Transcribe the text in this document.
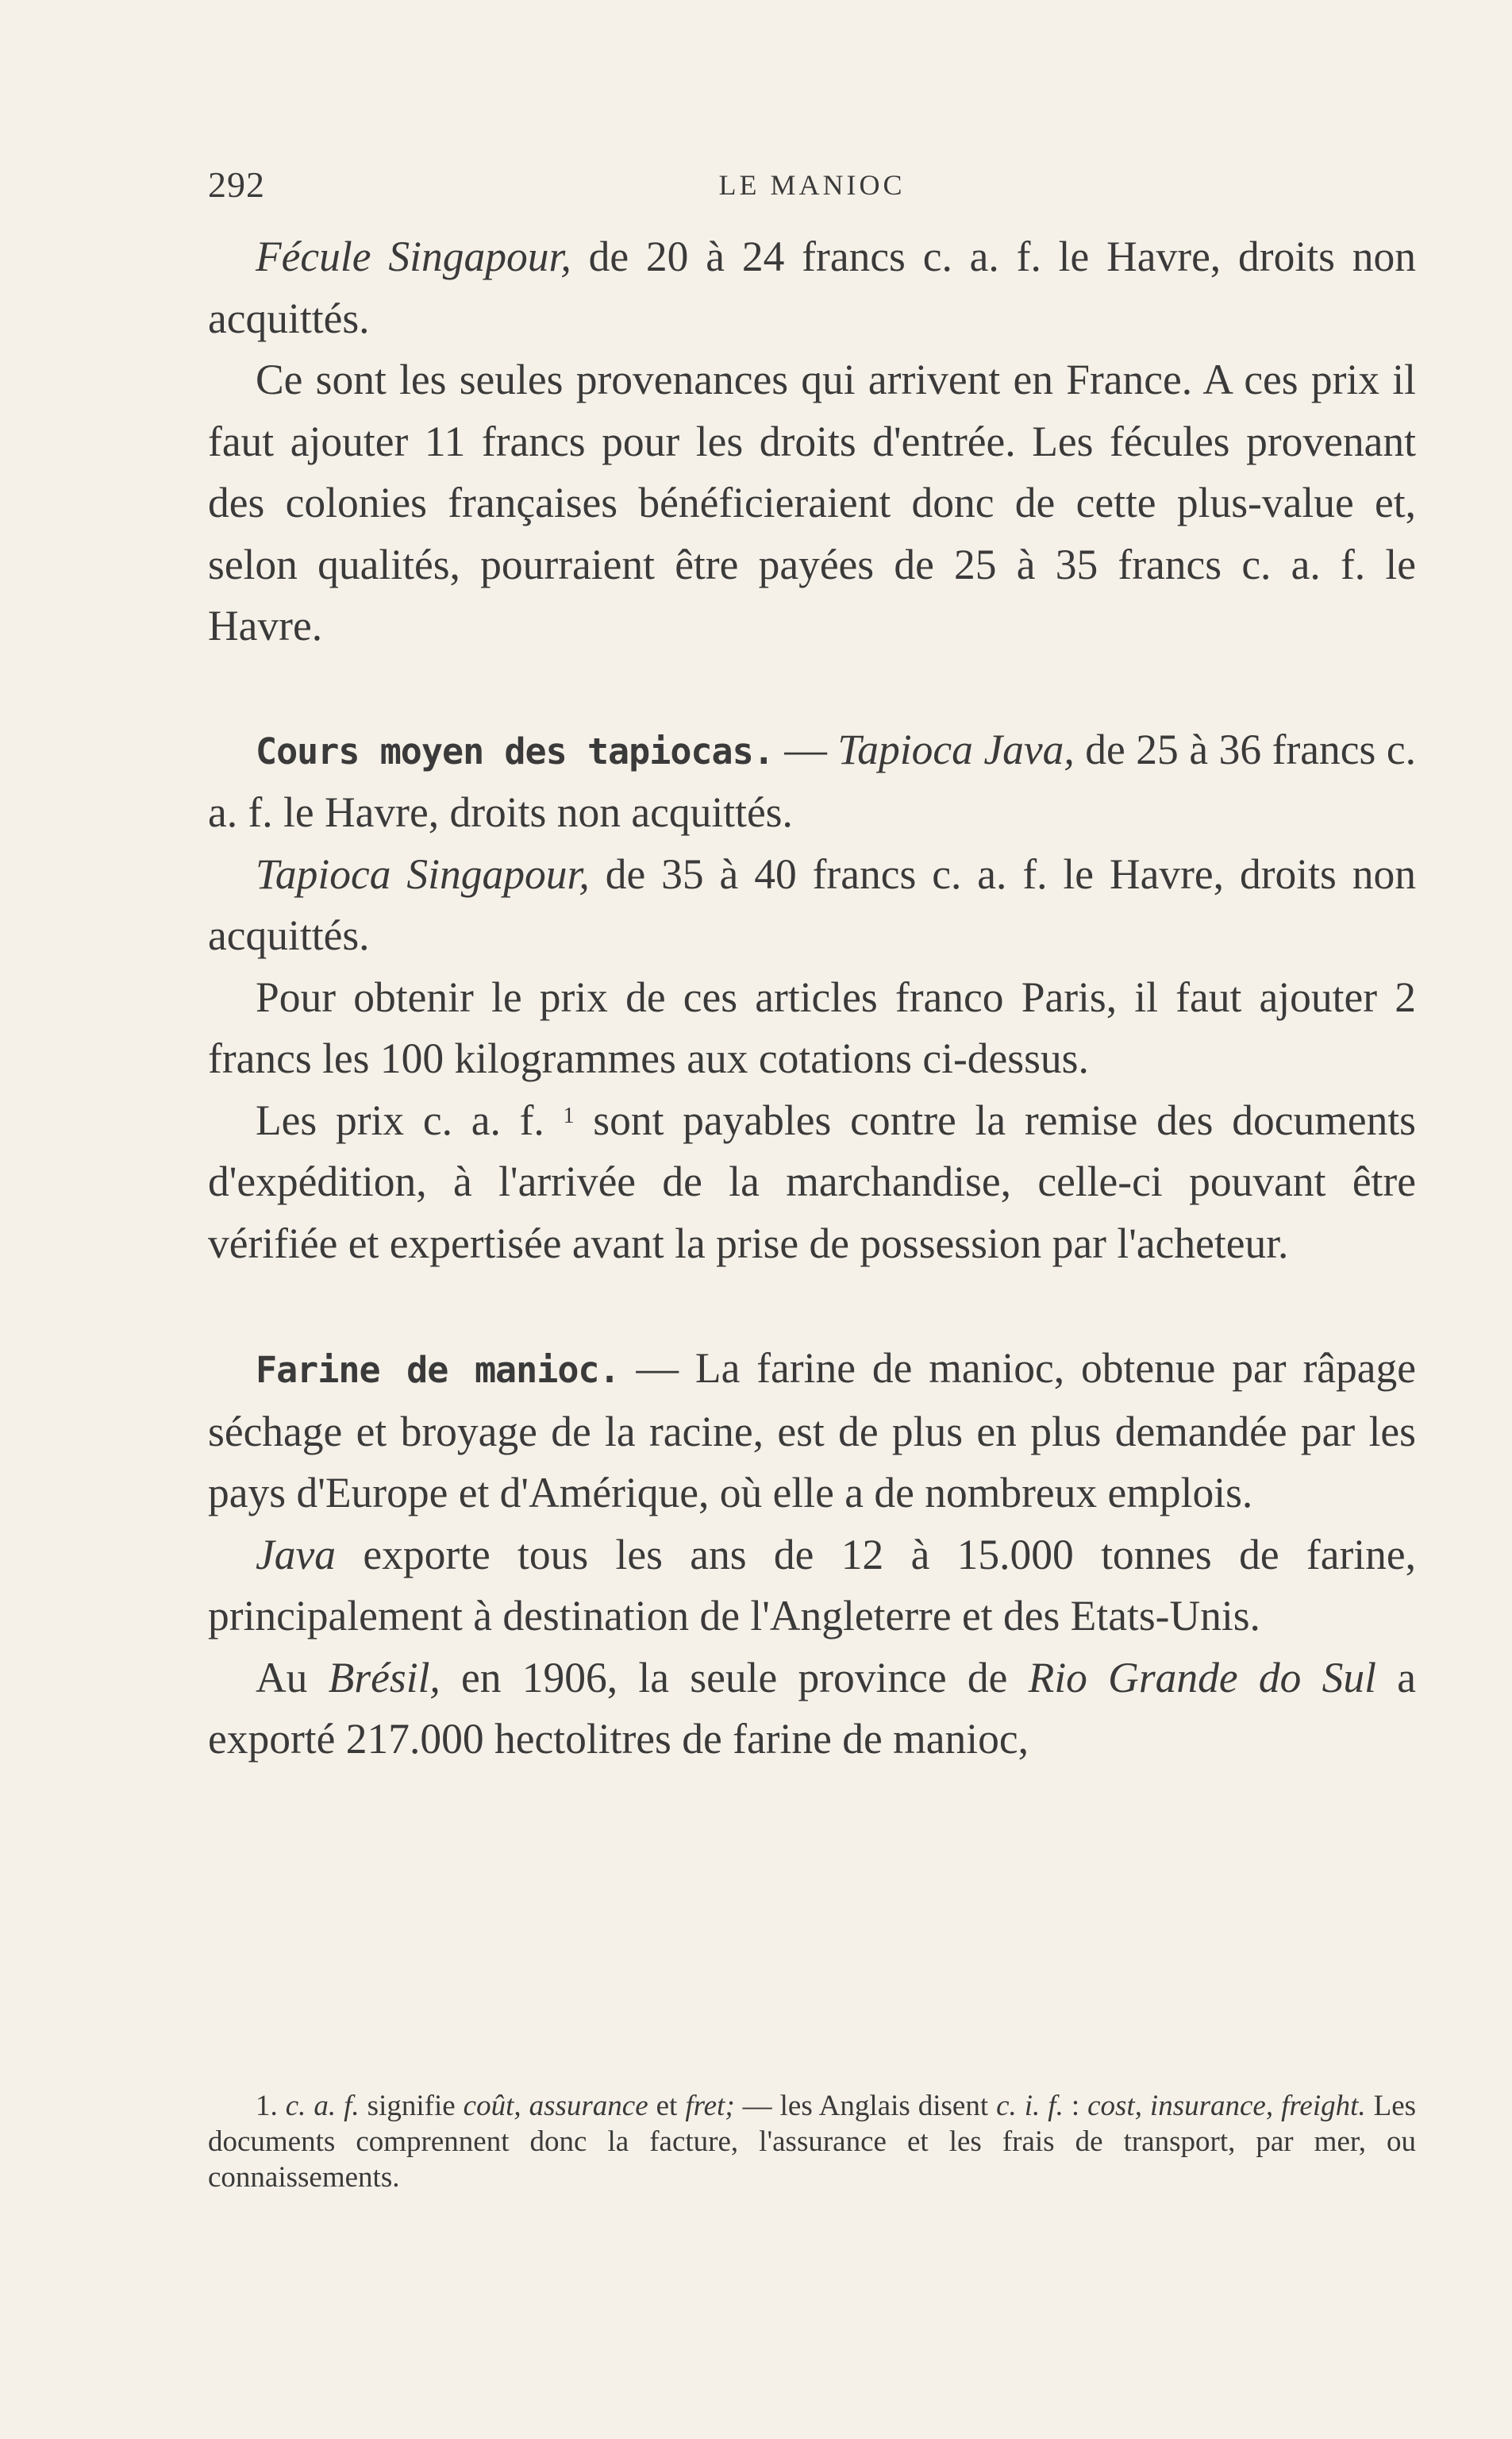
292	LE MANIOC

Fécule Singapour, de 20 à 24 francs c. a. f. le Havre, droits non acquittés.

Ce sont les seules provenances qui arrivent en France. A ces prix il faut ajouter 11 francs pour les droits d'entrée. Les fécules provenant des colonies françaises bénéficieraient donc de cette plus-value et, selon qualités, pourraient être payées de 25 à 35 francs c. a. f. le Havre.

Cours moyen des tapiocas. — Tapioca Java, de 25 à 36 francs c. a. f. le Havre, droits non acquittés.

Tapioca Singapour, de 35 à 40 francs c. a. f. le Havre, droits non acquittés.

Pour obtenir le prix de ces articles franco Paris, il faut ajouter 2 francs les 100 kilogrammes aux cotations ci-dessus.

Les prix c. a. f. $^1$ sont payables contre la remise des documents d'expédition, à l'arrivée de la marchandise, celle-ci pouvant être vérifiée et expertisée avant la prise de possession par l'acheteur.

Farine de manioc. — La farine de manioc, obtenue par râpage séchage et broyage de la racine, est de plus en plus demandée par les pays d'Europe et d'Amérique, où elle a de nombreux emplois.

Java exporte tous les ans de 12 à 15.000 tonnes de farine, principalement à destination de l'Angleterre et des Etats-Unis.

Au Brésil, en 1906, la seule province de Rio Grande do Sul a exporté 217.000 hectolitres de farine de manioc,

1. c. a. f. signifie coût, assurance et fret; — les Anglais disent c. i. f. : cost, insurance, freight. Les documents comprennent donc la facture, l'assurance et les frais de transport, par mer, ou connaissements.
